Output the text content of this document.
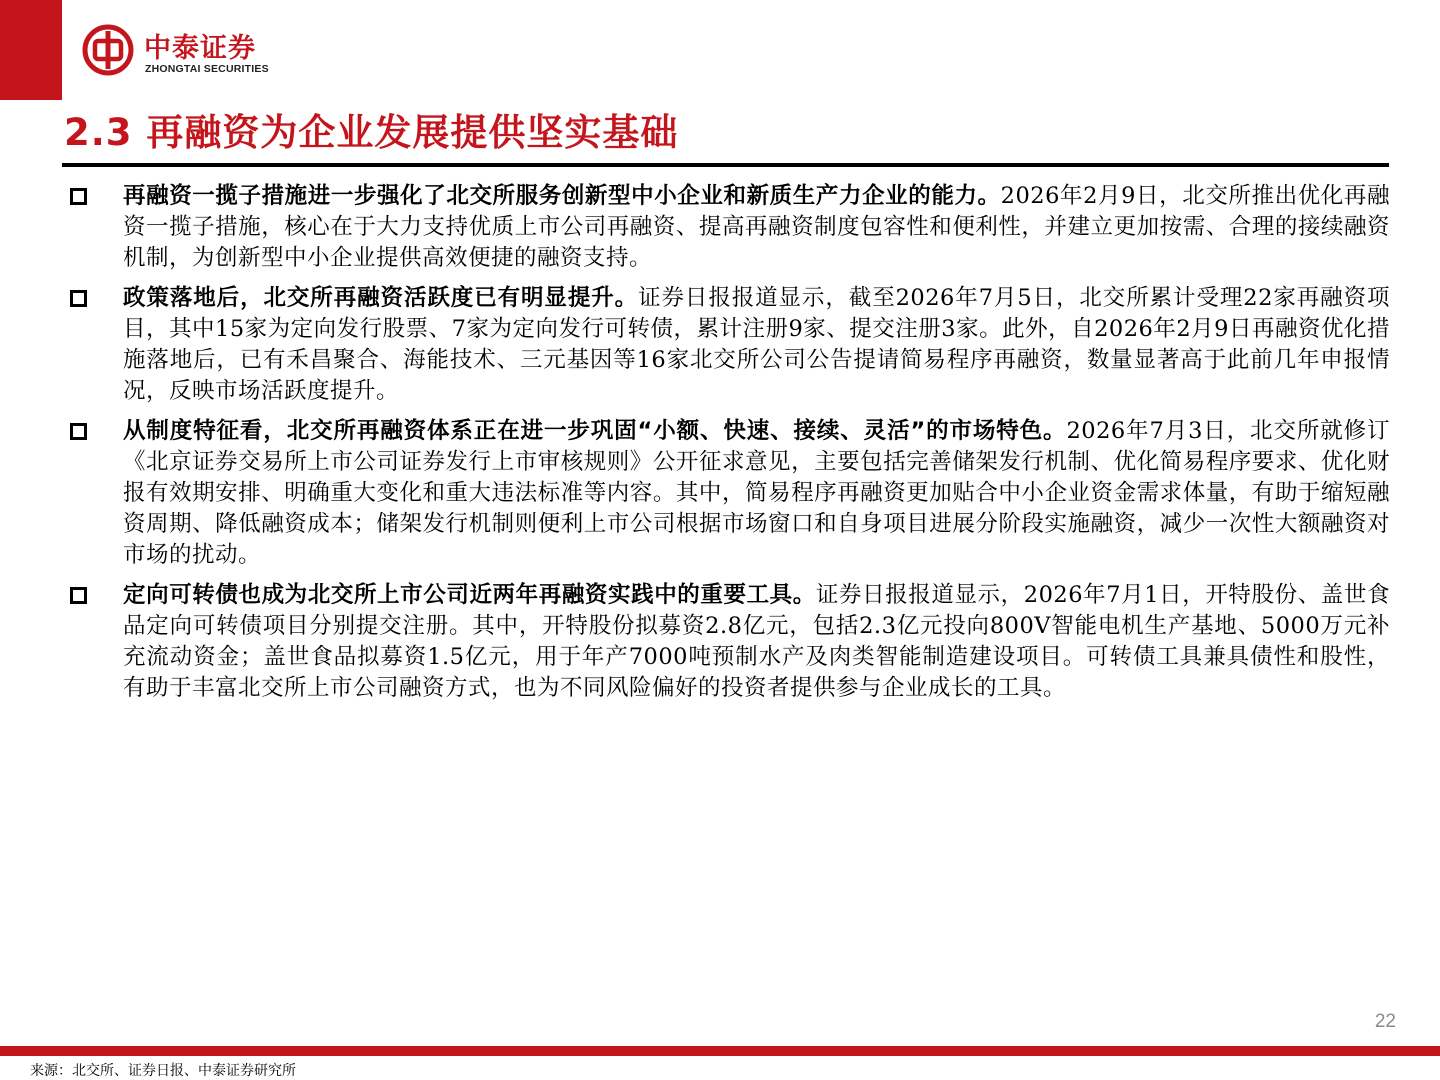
中泰证券
ZHONGTAI SECURITIES
2.3 再融资为企业发展提供坚实基础
再融资一揽子措施进一步强化了北交所服务创新型中小企业和新质生产力企业的能力。2026年2月9日，北交所推出优化再融资一揽子措施，核心在于大力支持优质上市公司再融资、提高再融资制度包容性和便利性，并建立更加按需、合理的接续融资机制，为创新型中小企业提供高效便捷的融资支持。
政策落地后，北交所再融资活跃度已有明显提升。证券日报报道显示，截至2026年7月5日，北交所累计受理22家再融资项目，其中15家为定向发行股票、7家为定向发行可转债，累计注册9家、提交注册3家。此外，自2026年2月9日再融资优化措施落地后，已有禾昌聚合、海能技术、三元基因等16家北交所公司公告提请简易程序再融资，数量显著高于此前几年申报情况，反映市场活跃度提升。
从制度特征看，北交所再融资体系正在进一步巩固“小额、快速、接续、灵活”的市场特色。2026年7月3日，北交所就修订《北京证券交易所上市公司证券发行上市审核规则》公开征求意见，主要包括完善储架发行机制、优化简易程序要求、优化财报有效期安排、明确重大变化和重大违法标准等内容。其中，简易程序再融资更加贴合中小企业资金需求体量，有助于缩短融资周期、降低融资成本；储架发行机制则便利上市公司根据市场窗口和自身项目进展分阶段实施融资，减少一次性大额融资对市场的扰动。
定向可转债也成为北交所上市公司近两年再融资实践中的重要工具。证券日报报道显示，2026年7月1日，开特股份、盖世食品定向可转债项目分别提交注册。其中，开特股份拟募资2.8亿元，包括2.3亿元投向800V智能电机生产基地、5000万元补充流动资金；盖世食品拟募资1.5亿元，用于年产7000吨预制水产及肉类智能制造建设项目。可转债工具兼具债性和股性，有助于丰富北交所上市公司融资方式，也为不同风险偏好的投资者提供参与企业成长的工具。
22
来源：北交所、证券日报、中泰证券研究所
